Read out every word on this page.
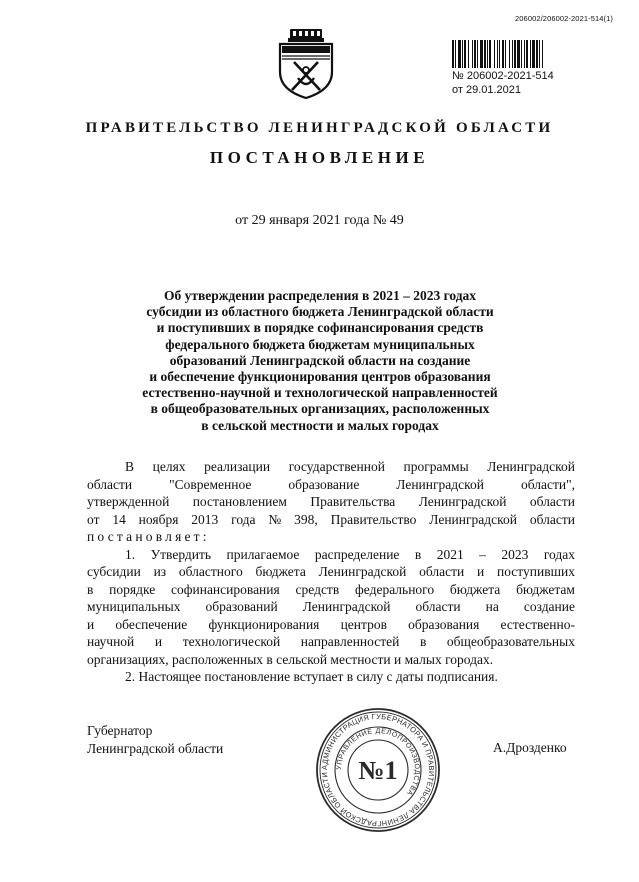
206002/206002-2021-514(1)
№ 206002-2021-514
от 29.01.2021
ПРАВИТЕЛЬСТВО ЛЕНИНГРАДСКОЙ ОБЛАСТИ
ПОСТАНОВЛЕНИЕ
от 29 января 2021 года № 49
Об утверждении распределения в 2021 – 2023 годах
субсидии из областного бюджета Ленинградской области
и поступивших в порядке софинансирования средств
федерального бюджета бюджетам муниципальных
образований Ленинградской области на создание
и обеспечение функционирования центров образования
естественно-научной и технологической направленностей
в общеобразовательных организациях, расположенных
в сельской местности и малых городах
В целях реализации государственной программы Ленинградской
области	"Современное	образование	Ленинградской	области",
утвержденной постановлением Правительства Ленинградской области
от 14 ноября 2013 года № 398, Правительство Ленинградской области
постановляет:
1. Утвердить прилагаемое распределение в 2021 – 2023 годах
субсидии из областного бюджета Ленинградской области и поступивших
в порядке софинансирования средств федерального бюджета бюджетам
муниципальных образований Ленинградской области на создание
и обеспечение функционирования центров образования естественно-
научной и технологической направленностей в общеобразовательных
организациях, расположенных в сельской местности и малых городах.
2. Настоящее постановление вступает в силу с даты подписания.
Губернатор
Ленинградской области
АДМИНИСТРАЦИЯ ГУБЕРНАТОРА И ПРАВИТЕЛЬСТВА ЛЕНИНГРАДСКОЙ ОБЛАСТИ
УПРАВЛЕНИЕ ДЕЛОПРОИЗВОДСТВА
№1
А.Дрозденко
